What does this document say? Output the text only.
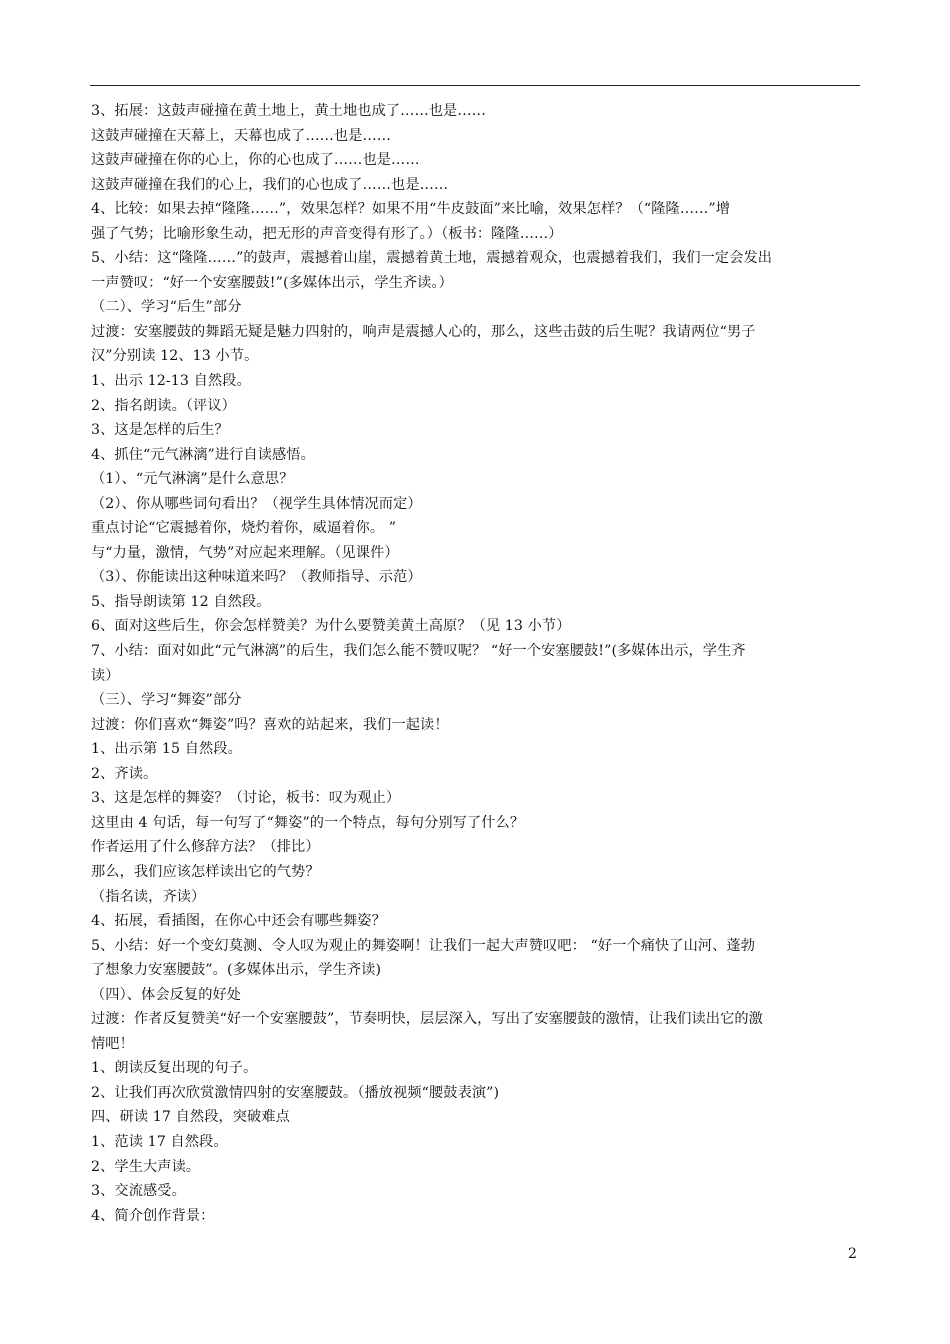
3、拓展：这鼓声碰撞在黄土地上，黄土地也成了……也是……
这鼓声碰撞在天幕上，天幕也成了……也是……
这鼓声碰撞在你的心上，你的心也成了……也是……
这鼓声碰撞在我们的心上，我们的心也成了……也是……
4、比较：如果去掉“隆隆……”，效果怎样？如果不用“牛皮鼓面”来比喻，效果怎样？（“隆隆……”增
强了气势；比喻形象生动，把无形的声音变得有形了。）（板书：隆隆……）
5、小结：这“隆隆……”的鼓声，震撼着山崖，震撼着黄土地，震撼着观众，也震撼着我们，我们一定会发出
一声赞叹：“好一个安塞腰鼓!”(多媒体出示，学生齐读。）
（二）、学习“后生”部分
过渡：安塞腰鼓的舞蹈无疑是魅力四射的，响声是震撼人心的，那么，这些击鼓的后生呢？我请两位“男子
汉”分别读 12、13 小节。
1、出示 12-13 自然段。
2、指名朗读。（评议）
3、这是怎样的后生？
4、抓住“元气淋漓”进行自读感悟。
（1）、“元气淋漓”是什么意思？
（2）、你从哪些词句看出？（视学生具体情况而定）
重点讨论“它震撼着你，烧灼着你，威逼着你。 ”
与“力量，激情，气势”对应起来理解。（见课件）
（3）、你能读出这种味道来吗？（教师指导、示范）
5、指导朗读第 12 自然段。
6、面对这些后生，你会怎样赞美？为什么要赞美黄土高原？（见 13 小节）
7、小结：面对如此“元气淋漓”的后生，我们怎么能不赞叹呢？ “好一个安塞腰鼓!”(多媒体出示，学生齐
读）
（三）、学习“舞姿”部分
过渡：你们喜欢“舞姿”吗？喜欢的站起来，我们一起读！
1、出示第 15 自然段。
2、齐读。
3、这是怎样的舞姿？（讨论，板书：叹为观止）
这里由 4 句话，每一句写了“舞姿”的一个特点，每句分别写了什么？
作者运用了什么修辞方法？（排比）
那么，我们应该怎样读出它的气势？
（指名读，齐读）
4、拓展，看插图，在你心中还会有哪些舞姿？
5、小结：好一个变幻莫测、令人叹为观止的舞姿啊！让我们一起大声赞叹吧： “好一个痛快了山河、蓬勃
了想象力安塞腰鼓”。(多媒体出示，学生齐读)
（四）、体会反复的好处
过渡：作者反复赞美“好一个安塞腰鼓”，节奏明快，层层深入，写出了安塞腰鼓的激情，让我们读出它的激
情吧！
1、朗读反复出现的句子。
2、让我们再次欣赏激情四射的安塞腰鼓。（播放视频“腰鼓表演”)
四、研读 17 自然段，突破难点
1、范读 17 自然段。
2、学生大声读。
3、交流感受。
4、简介创作背景：
2
